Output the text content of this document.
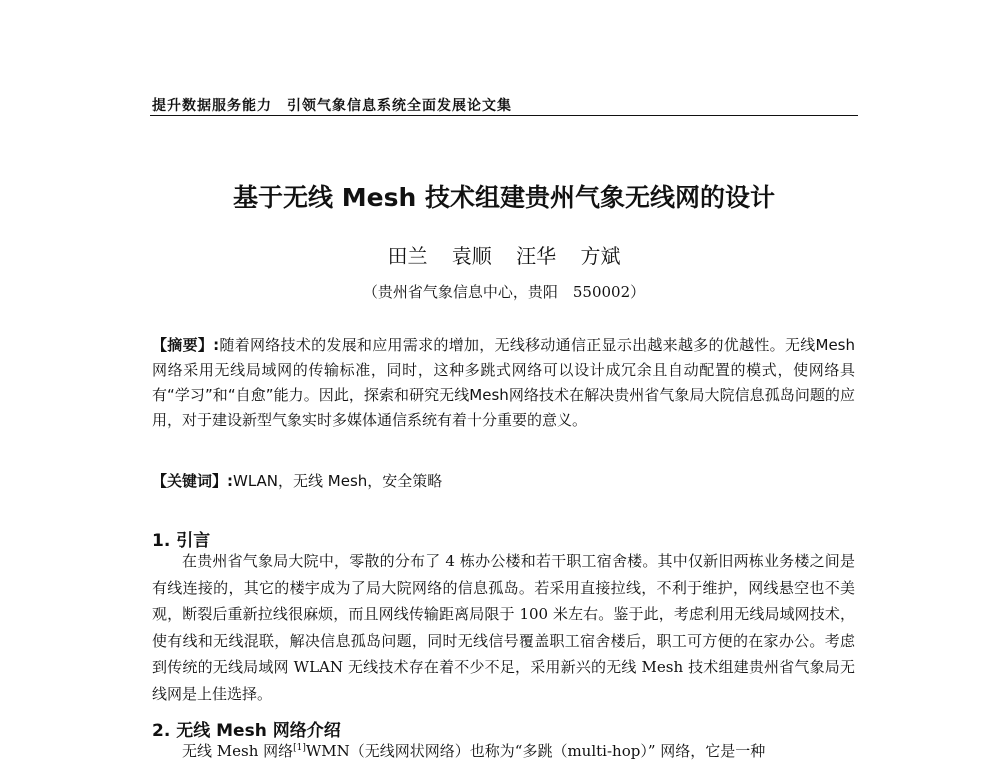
提升数据服务能力　引领气象信息系统全面发展论文集
基于无线 Mesh 技术组建贵州气象无线网的设计
田兰 袁顺 汪华 方斌
（贵州省气象信息中心，贵阳　550002）
【摘要】:随着网络技术的发展和应用需求的增加，无线移动通信正显示出越来越多的优越性。无线Mesh网络采用无线局域网的传输标准，同时，这种多跳式网络可以设计成冗余且自动配置的模式，使网络具有“学习”和“自愈”能力。因此，探索和研究无线Mesh网络技术在解决贵州省气象局大院信息孤岛问题的应用，对于建设新型气象实时多媒体通信系统有着十分重要的意义。
【关键词】:WLAN，无线 Mesh，安全策略
1. 引言
在贵州省气象局大院中，零散的分布了 4 栋办公楼和若干职工宿舍楼。其中仅新旧两栋业务楼之间是有线连接的，其它的楼宇成为了局大院网络的信息孤岛。若采用直接拉线，不利于维护，网线悬空也不美观，断裂后重新拉线很麻烦，而且网线传输距离局限于 100 米左右。鉴于此，考虑利用无线局域网技术，使有线和无线混联，解决信息孤岛问题，同时无线信号覆盖职工宿舍楼后，职工可方便的在家办公。考虑到传统的无线局域网 WLAN 无线技术存在着不少不足，采用新兴的无线 Mesh 技术组建贵州省气象局无线网是上佳选择。
2. 无线 Mesh 网络介绍
无线 Mesh 网络[1]WMN（无线网状网络）也称为“多跳（multi-hop）” 网络，它是一种
